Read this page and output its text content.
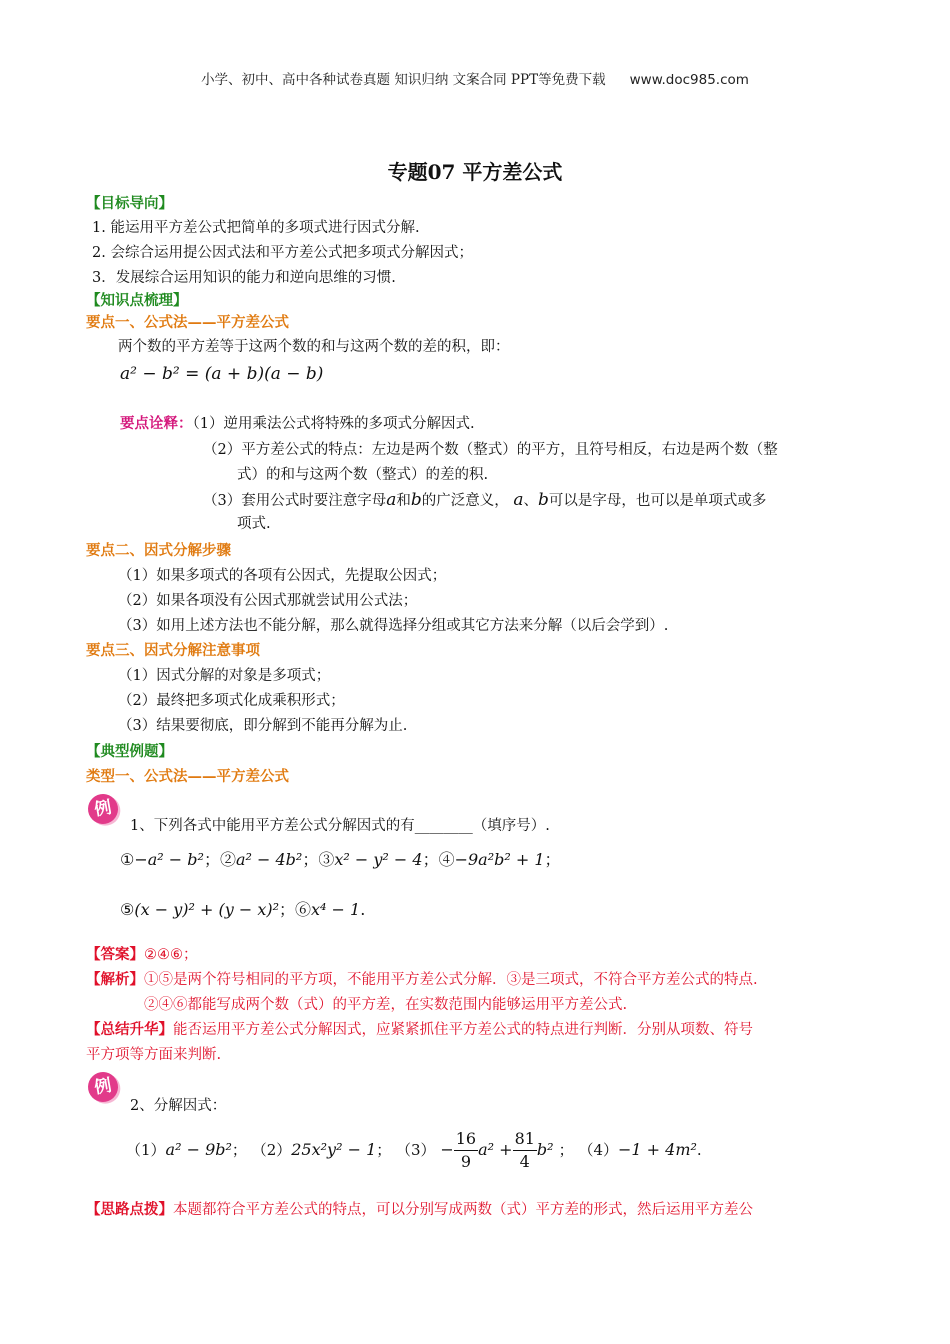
小学、初中、高中各种试卷真题 知识归纳 文案合同 PPT等免费下载 www.doc985.com
专题07 平方差公式
【目标导向】
1. 能运用平方差公式把简单的多项式进行因式分解.
2. 会综合运用提公因式法和平方差公式把多项式分解因式；
3．发展综合运用知识的能力和逆向思维的习惯.
【知识点梳理】
要点一、公式法——平方差公式
两个数的平方差等于这两个数的和与这两个数的差的积，即：
a² − b² = (a + b)(a − b)
要点诠释：（1）逆用乘法公式将特殊的多项式分解因式.
（2）平方差公式的特点：左边是两个数（整式）的平方，且符号相反，右边是两个数（整
式）的和与这两个数（整式）的差的积.
（3）套用公式时要注意字母a和b的广泛意义， a、b可以是字母，也可以是单项式或多
项式.
要点二、因式分解步骤
（1）如果多项式的各项有公因式，先提取公因式；
（2）如果各项没有公因式那就尝试用公式法；
（3）如用上述方法也不能分解，那么就得选择分组或其它方法来分解（以后会学到）.
要点三、因式分解注意事项
（1）因式分解的对象是多项式；
（2）最终把多项式化成乘积形式；
（3）结果要彻底，即分解到不能再分解为止.
【典型例题】
类型一、公式法——平方差公式
例
1、下列各式中能用平方差公式分解因式的有________（填序号）.
①−a² − b²；②a² − 4b²；③x² − y² − 4；④−9a²b² + 1；
⑤(x − y)² + (y − x)²；⑥x⁴ − 1.
【答案】②④⑥；
【解析】①⑤是两个符号相同的平方项，不能用平方差公式分解．③是三项式，不符合平方差公式的特点.
②④⑥都能写成两个数（式）的平方差，在实数范围内能够运用平方差公式.
【总结升华】能否运用平方差公式分解因式，应紧紧抓住平方差公式的特点进行判断．分别从项数、符号
平方项等方面来判断.
例
2、分解因式：
（1）a² − 9b²； （2）25x²y² − 1； $(3) - \frac{16}{9} a^2 + \frac{81}{4} b^2$ ； （4）−1 + 4m².
【思路点拨】本题都符合平方差公式的特点，可以分别写成两数（式）平方差的形式，然后运用平方差公
